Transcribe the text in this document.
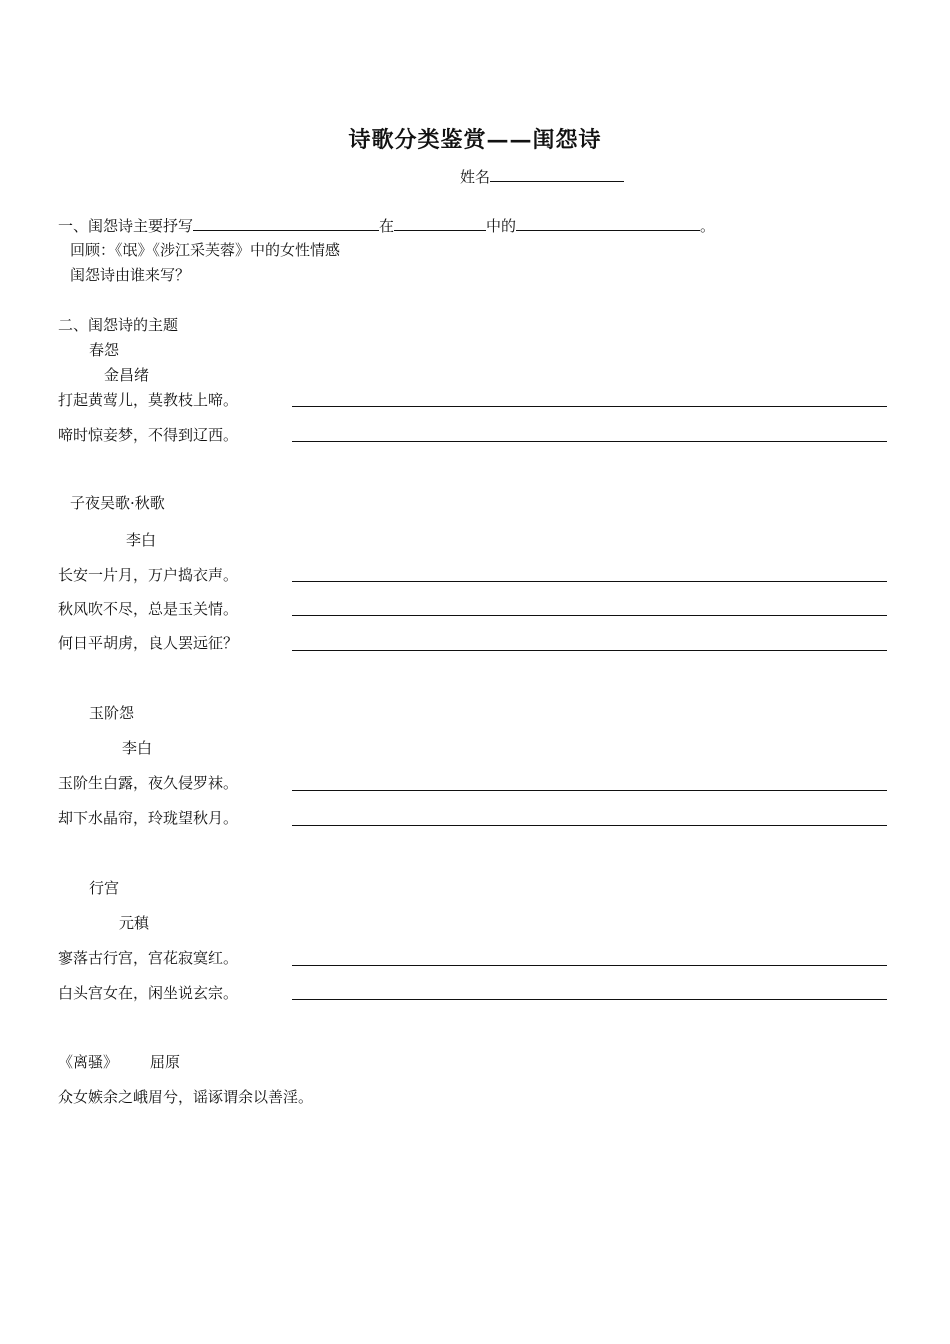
诗歌分类鉴赏——闺怨诗
姓名
一、闺怨诗主要抒写	在	中的	。
回顾：《氓》《涉江采芙蓉》中的女性情感
闺怨诗由谁来写？
二、闺怨诗的主题
春怨
金昌绪
打起黄莺儿，莫教枝上啼。
啼时惊妾梦，不得到辽西。
子夜吴歌·秋歌
李白
长安一片月，万户捣衣声。
秋风吹不尽，总是玉关情。
何日平胡虏，良人罢远征？
玉阶怨
李白
玉阶生白露，夜久侵罗袜。
却下水晶帘，玲珑望秋月。
行宫
元稹
寥落古行宫，宫花寂寞红。
白头宫女在，闲坐说玄宗。
《离骚》 屈原
众女嫉余之峨眉兮，谣诼谓余以善淫。
